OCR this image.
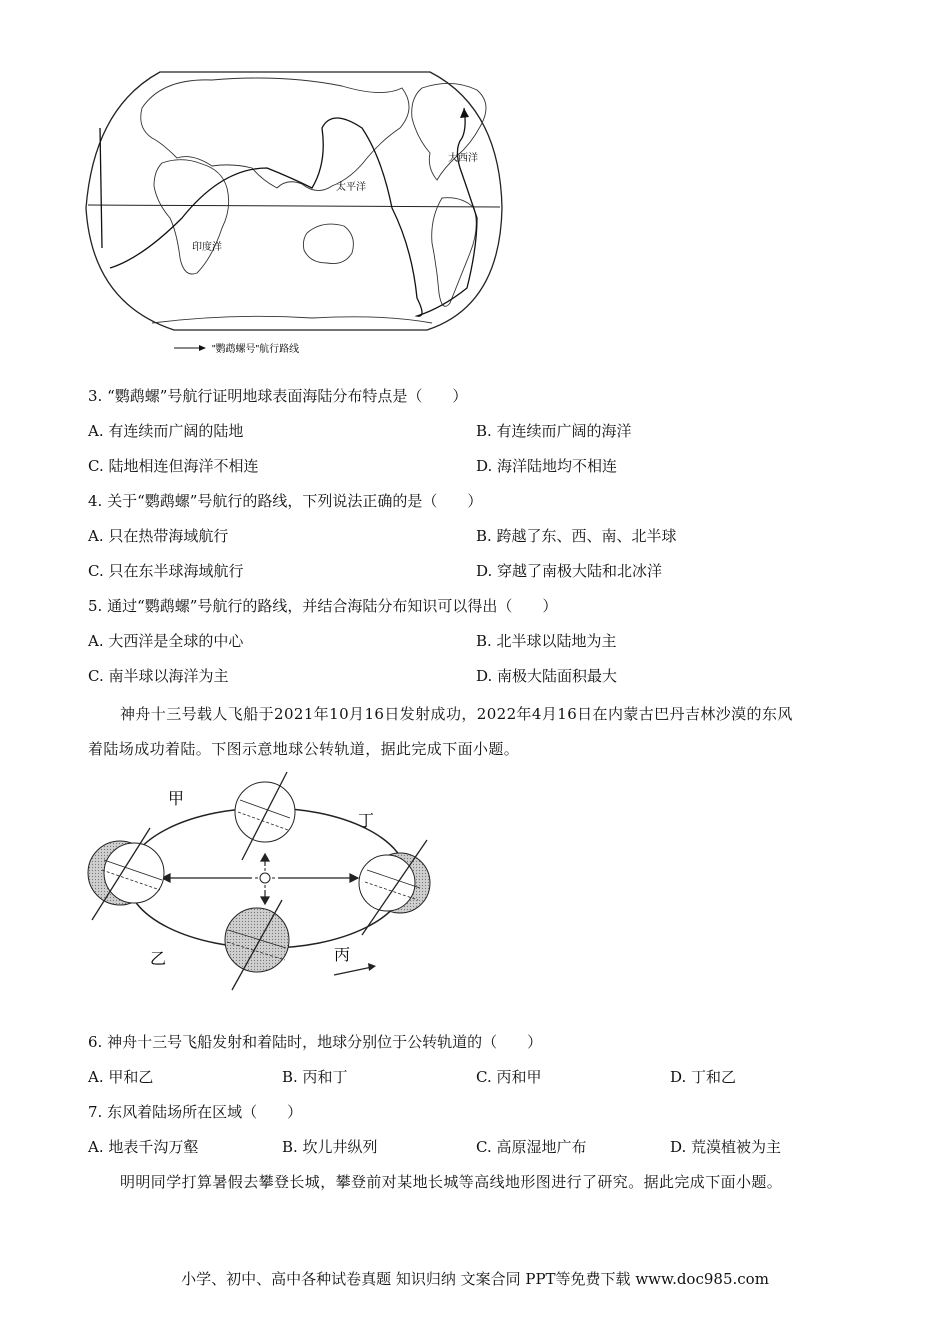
大西洋
太平洋
印度洋
"鹦鹉螺号"航行路线
3. “鹦鹉螺”号航行证明地球表面海陆分布特点是（　　）
A. 有连续而广阔的陆地	B. 有连续而广阔的海洋
C. 陆地相连但海洋不相连	D. 海洋陆地均不相连
4. 关于“鹦鹉螺”号航行的路线，下列说法正确的是（　　）
A. 只在热带海域航行	B. 跨越了东、西、南、北半球
C. 只在东半球海域航行	D. 穿越了南极大陆和北冰洋
5. 通过“鹦鹉螺”号航行的路线，并结合海陆分布知识可以得出（　　）
A. 大西洋是全球的中心	B. 北半球以陆地为主
C. 南半球以海洋为主	D. 南极大陆面积最大
神舟十三号载人飞船于2021年10月16日发射成功，2022年4月16日在内蒙古巴丹吉林沙漠的东风
着陆场成功着陆。下图示意地球公转轨道，据此完成下面小题。
甲
丁
乙	丙
6. 神舟十三号飞船发射和着陆时，地球分别位于公转轨道的（　　）
A. 甲和乙	B. 丙和丁	C. 丙和甲	D. 丁和乙
7. 东风着陆场所在区域（　　）
A. 地表千沟万壑	B. 坎儿井纵列	C. 高原湿地广布	D. 荒漠植被为主
明明同学打算暑假去攀登长城，攀登前对某地长城等高线地形图进行了研究。据此完成下面小题。
小学、初中、高中各种试卷真题 知识归纳 文案合同 PPT等免费下载 www.doc985.com
